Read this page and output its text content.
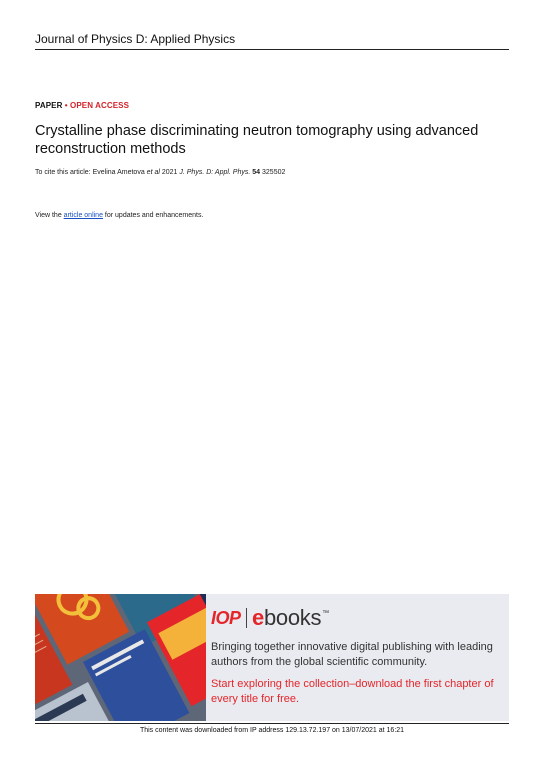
Journal of Physics D: Applied Physics
PAPER • OPEN ACCESS
Crystalline phase discriminating neutron tomography using advanced reconstruction methods
To cite this article: Evelina Ametova et al 2021 J. Phys. D: Appl. Phys. 54 325502
View the article online for updates and enhancements.
IOP ebooks™
Bringing together innovative digital publishing with leading authors from the global scientific community.
Start exploring the collection–download the first chapter of every title for free.
This content was downloaded from IP address 129.13.72.197 on 13/07/2021 at 16:21
